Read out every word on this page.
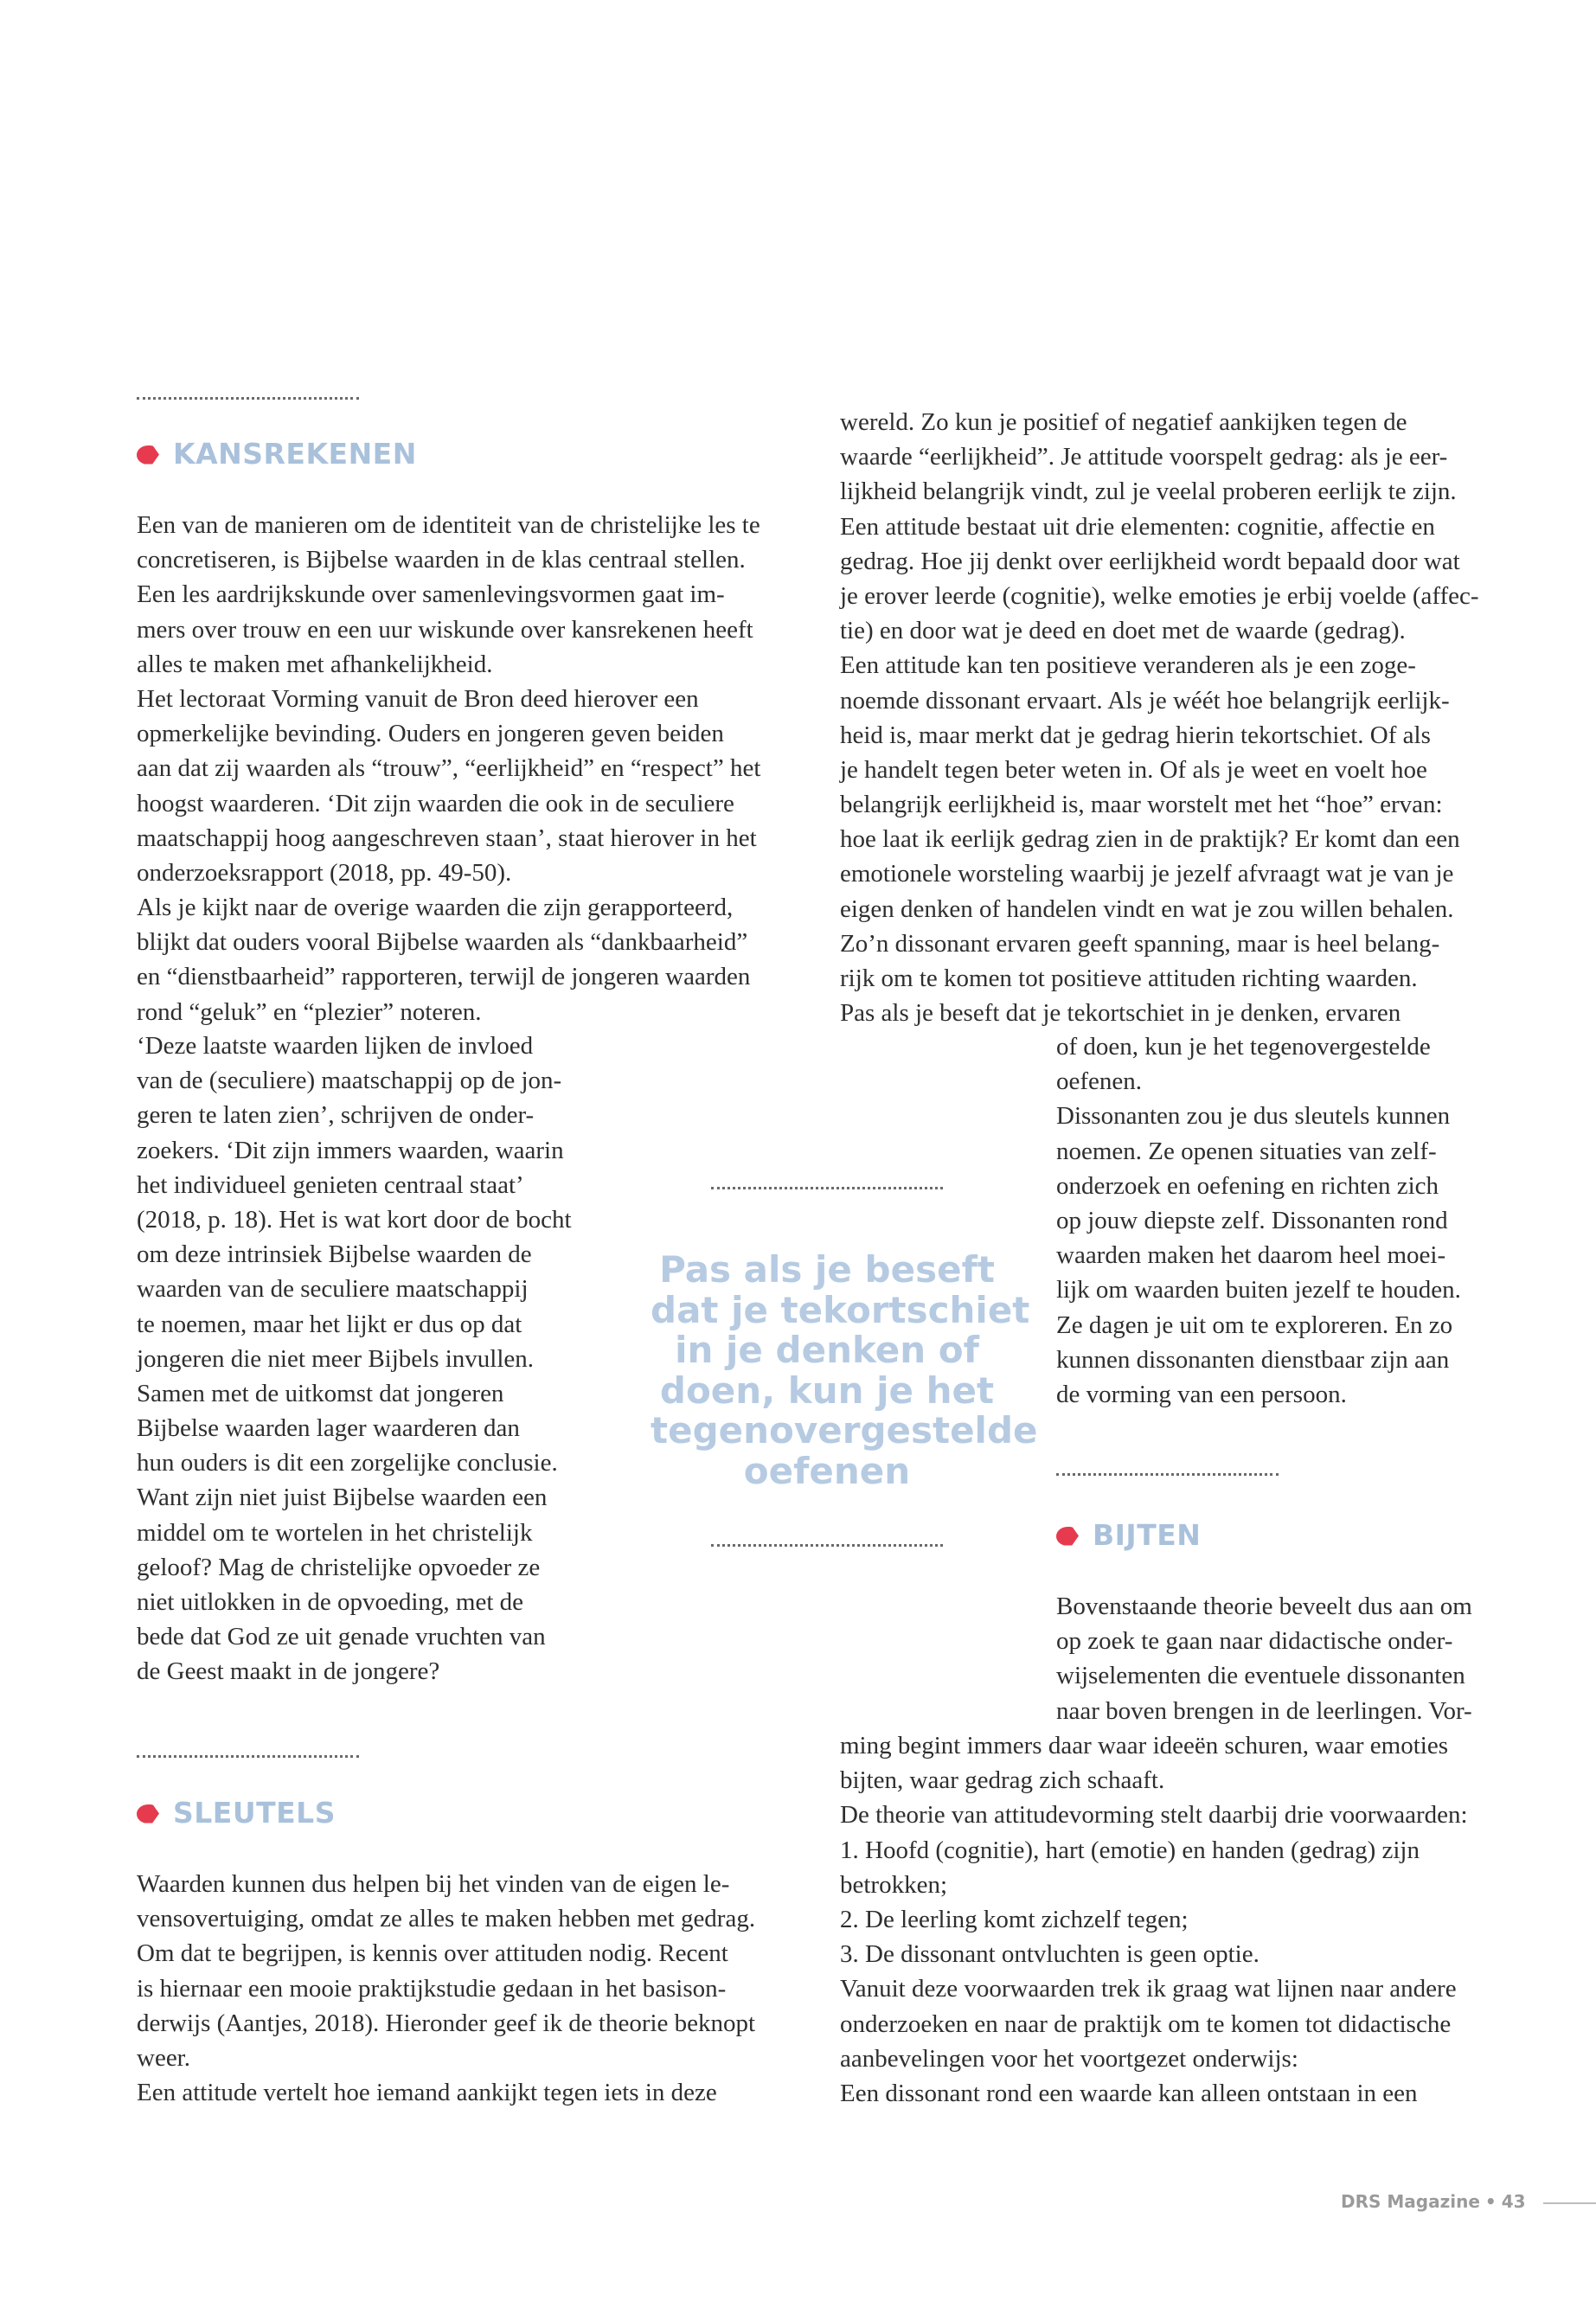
KANSREKENEN
Een van de manieren om de identiteit van de christelijke les te
concretiseren, is Bijbelse waarden in de klas centraal stellen.
Een les aardrijkskunde over samenlevingsvormen gaat im-
mers over trouw en een uur wiskunde over kansrekenen heeft
alles te maken met afhankelijkheid.
Het lectoraat Vorming vanuit de Bron deed hierover een
opmerkelijke bevinding. Ouders en jongeren geven beiden
aan dat zij waarden als “trouw”, “eerlijkheid” en “respect” het
hoogst waarderen. ‘Dit zijn waarden die ook in de seculiere
maatschappij hoog aangeschreven staan’, staat hierover in het
onderzoeksrapport (2018, pp. 49-50).
Als je kijkt naar de overige waarden die zijn gerapporteerd,
blijkt dat ouders vooral Bijbelse waarden als “dankbaarheid”
en “dienstbaarheid” rapporteren, terwijl de jongeren waarden
rond “geluk” en “plezier” noteren.
‘Deze laatste waarden lijken de invloed
van de (seculiere) maatschappij op de jon-
geren te laten zien’, schrijven de onder-
zoekers. ‘Dit zijn immers waarden, waarin
het individueel genieten centraal staat’
(2018, p. 18). Het is wat kort door de bocht
om deze intrinsiek Bijbelse waarden de
waarden van de seculiere maatschappij
te noemen, maar het lijkt er dus op dat
jongeren die niet meer Bijbels invullen.
Samen met de uitkomst dat jongeren
Bijbelse waarden lager waarderen dan
hun ouders is dit een zorgelijke conclusie.
Want zijn niet juist Bijbelse waarden een
middel om te wortelen in het christelijk
geloof? Mag de christelijke opvoeder ze
niet uitlokken in de opvoeding, met de
bede dat God ze uit genade vruchten van
de Geest maakt in de jongere?
SLEUTELS
Waarden kunnen dus helpen bij het vinden van de eigen le-
vensovertuiging, omdat ze alles te maken hebben met gedrag.
Om dat te begrijpen, is kennis over attituden nodig. Recent
is hiernaar een mooie praktijkstudie gedaan in het basison-
derwijs (Aantjes, 2018). Hieronder geef ik de theorie beknopt
weer.
Een attitude vertelt hoe iemand aankijkt tegen iets in deze
wereld. Zo kun je positief of negatief aankijken tegen de
waarde “eerlijkheid”. Je attitude voorspelt gedrag: als je eer-
lijkheid belangrijk vindt, zul je veelal proberen eerlijk te zijn.
Een attitude bestaat uit drie elementen: cognitie, affectie en
gedrag. Hoe jij denkt over eerlijkheid wordt bepaald door wat
je erover leerde (cognitie), welke emoties je erbij voelde (affec-
tie) en door wat je deed en doet met de waarde (gedrag).
Een attitude kan ten positieve veranderen als je een zoge-
noemde dissonant ervaart. Als je wéét hoe belangrijk eerlijk-
heid is, maar merkt dat je gedrag hierin tekortschiet. Of als
je handelt tegen beter weten in. Of als je weet en voelt hoe
belangrijk eerlijkheid is, maar worstelt met het “hoe” ervan:
hoe laat ik eerlijk gedrag zien in de praktijk? Er komt dan een
emotionele worsteling waarbij je jezelf afvraagt wat je van je
eigen denken of handelen vindt en wat je zou willen behalen.
Zo’n dissonant ervaren geeft spanning, maar is heel belang-
rijk om te komen tot positieve attituden richting waarden.
Pas als je beseft dat je tekortschiet in je denken, ervaren
of doen, kun je het tegenovergestelde
oefenen.
Dissonanten zou je dus sleutels kunnen
noemen. Ze openen situaties van zelf-
onderzoek en oefening en richten zich
op jouw diepste zelf. Dissonanten rond
waarden maken het daarom heel moei-
lijk om waarden buiten jezelf te houden.
Ze dagen je uit om te exploreren. En zo
kunnen dissonanten dienstbaar zijn aan
de vorming van een persoon.
Pas als je beseft
dat je tekortschiet
in je denken of
doen, kun je het
tegenovergestelde
oefenen
BIJTEN
Bovenstaande theorie beveelt dus aan om
op zoek te gaan naar didactische onder-
wijselementen die eventuele dissonanten
naar boven brengen in de leerlingen. Vor-
ming begint immers daar waar ideeën schuren, waar emoties
bijten, waar gedrag zich schaaft.
De theorie van attitudevorming stelt daarbij drie voorwaarden:
1. Hoofd (cognitie), hart (emotie) en handen (gedrag) zijn
betrokken;
2. De leerling komt zichzelf tegen;
3. De dissonant ontvluchten is geen optie.
Vanuit deze voorwaarden trek ik graag wat lijnen naar andere
onderzoeken en naar de praktijk om te komen tot didactische
aanbevelingen voor het voortgezet onderwijs:
Een dissonant rond een waarde kan alleen ontstaan in een
DRS Magazine • 43
